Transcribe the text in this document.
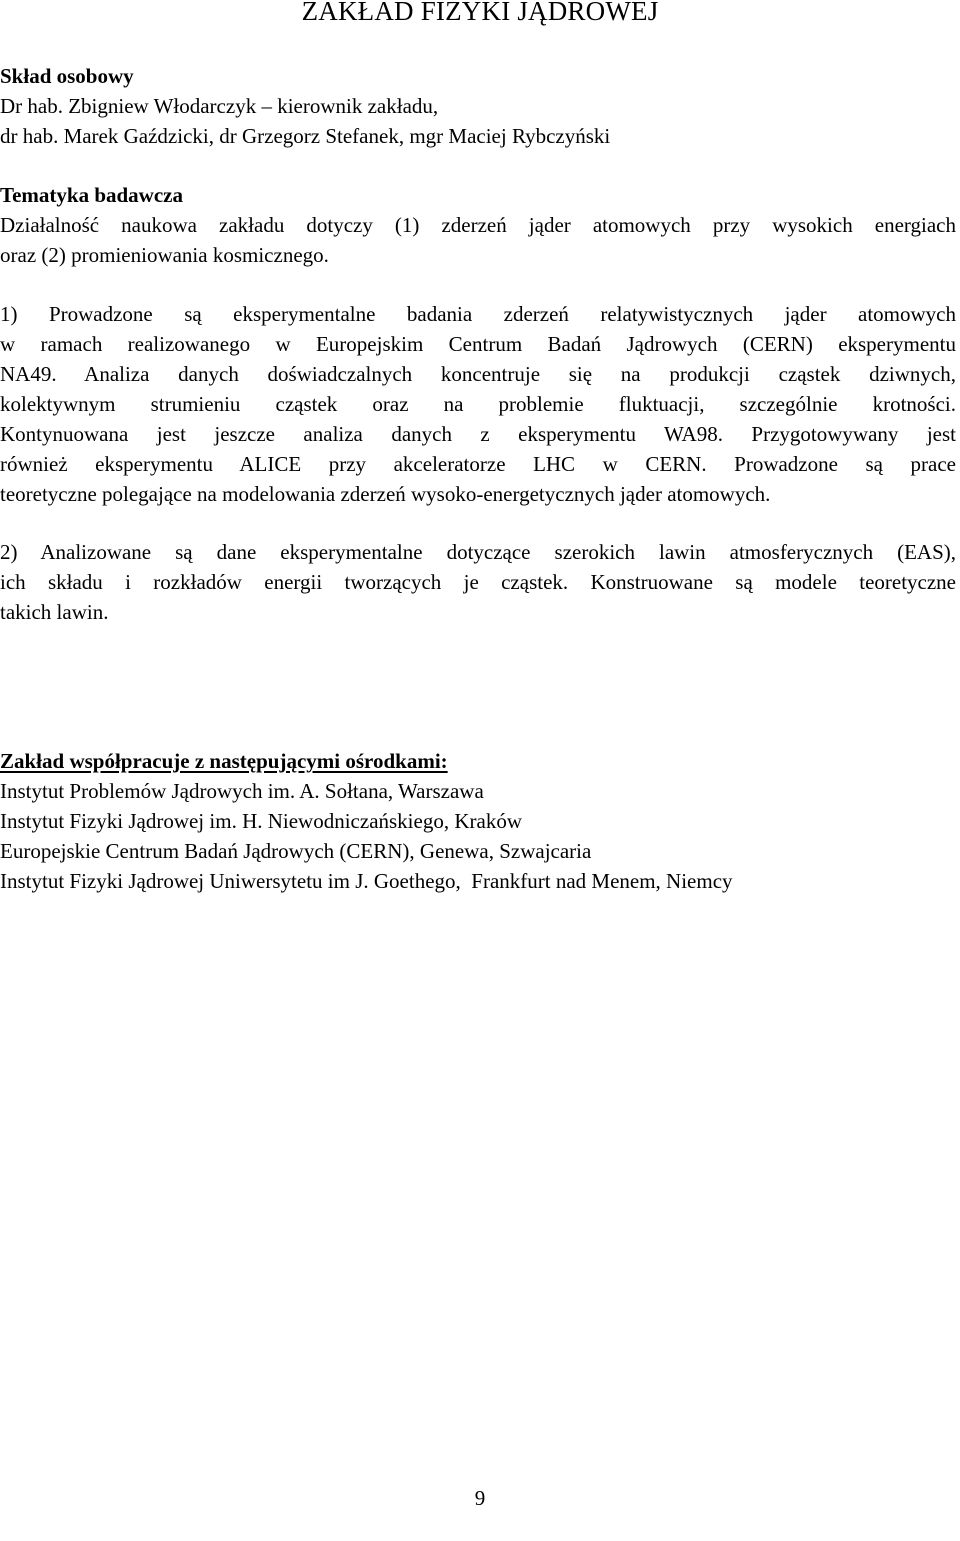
ZAKŁAD FIZYKI JĄDROWEJ
Skład osobowy
Dr hab. Zbigniew Włodarczyk – kierownik zakładu,
dr hab. Marek Gaździcki, dr Grzegorz Stefanek, mgr Maciej Rybczyński
Tematyka badawcza
Działalność naukowa zakładu dotyczy (1) zderzeń jąder atomowych przy wysokich energiach
oraz (2) promieniowania kosmicznego.
1) Prowadzone są eksperymentalne badania zderzeń relatywistycznych jąder atomowych
w ramach realizowanego w Europejskim Centrum Badań Jądrowych (CERN) eksperymentu
NA49. Analiza danych doświadczalnych koncentruje się na produkcji cząstek dziwnych,
kolektywnym strumieniu cząstek oraz na problemie fluktuacji, szczególnie krotności.
Kontynuowana jest jeszcze analiza danych z eksperymentu WA98. Przygotowywany jest
również eksperymentu ALICE przy akceleratorze LHC w CERN. Prowadzone są prace
teoretyczne polegające na modelowania zderzeń wysoko-energetycznych jąder atomowych.
2) Analizowane są dane eksperymentalne dotyczące szerokich lawin atmosferycznych (EAS),
ich składu i rozkładów energii tworzących je cząstek. Konstruowane są modele teoretyczne
takich lawin.
Zakład współpracuje z następującymi ośrodkami:
Instytut Problemów Jądrowych im. A. Sołtana, Warszawa
Instytut Fizyki Jądrowej im. H. Niewodniczańskiego, Kraków
Europejskie Centrum Badań Jądrowych (CERN), Genewa, Szwajcaria
Instytut Fizyki Jądrowej Uniwersytetu im J. Goethego,  Frankfurt nad Menem, Niemcy
9
